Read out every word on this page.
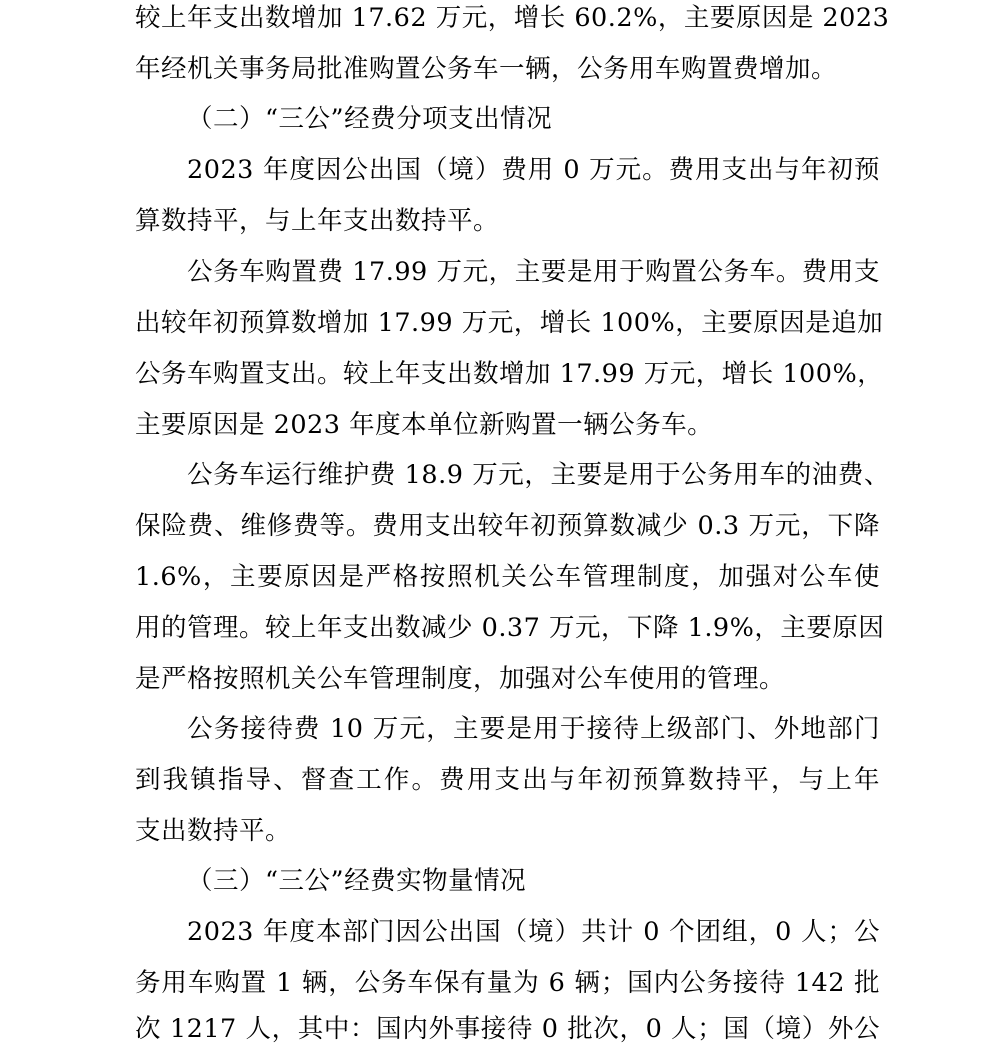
较上年支出数增加 17.62 万元，增长 60.2%，主要原因是 2023
年经机关事务局批准购置公务车一辆，公务用车购置费增加。
（二）“三公”经费分项支出情况
2023 年度因公出国（境）费用 0 万元。费用支出与年初预
算数持平，与上年支出数持平。
公务车购置费 17.99 万元，主要是用于购置公务车。费用支
出较年初预算数增加 17.99 万元，增长 100%，主要原因是追加
公务车购置支出。较上年支出数增加 17.99 万元，增长 100%，
主要原因是 2023 年度本单位新购置一辆公务车。
公务车运行维护费 18.9 万元，主要是用于公务用车的油费、
保险费、维修费等。费用支出较年初预算数减少 0.3 万元，下降
1.6%，主要原因是严格按照机关公车管理制度，加强对公车使
用的管理。较上年支出数减少 0.37 万元，下降 1.9%，主要原因
是严格按照机关公车管理制度，加强对公车使用的管理。
公务接待费 10 万元，主要是用于接待上级部门、外地部门
到我镇指导、督查工作。费用支出与年初预算数持平，与上年
支出数持平。
（三）“三公”经费实物量情况
2023 年度本部门因公出国（境）共计 0 个团组，0 人；公
务用车购置 1 辆，公务车保有量为 6 辆；国内公务接待 142 批
次 1217 人，其中：国内外事接待 0 批次，0 人；国（境）外公
